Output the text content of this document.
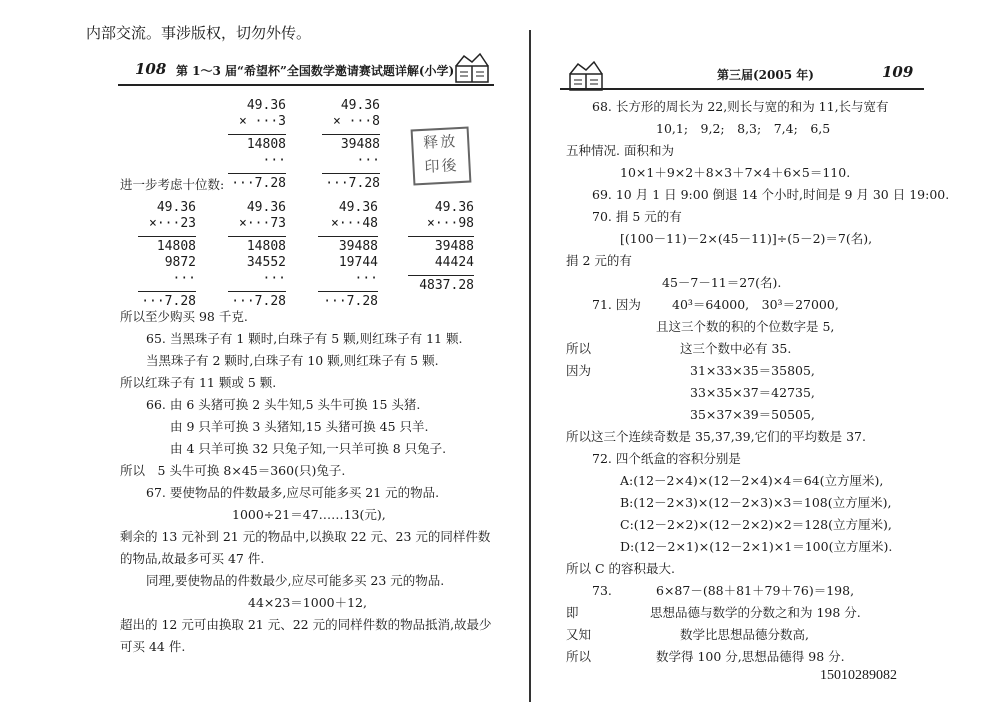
内部交流。事涉版权，切勿外传。
108 第 1～3 届“希望杯”全国数学邀请赛试题详解(小学)
49.36
× ···3
14808
···
···7.28
49.36
× ···8
39488
···
···7.28
释放
印後
进一步考虑十位数:
49.36
×···23
14808
9872
···
···7.28
49.36
×···73
14808
34552
···
···7.28
49.36
×···48
39488
19744
···
···7.28
49.36
×···98
39488
44424
4837.28
所以至少购买 98 千克.
65. 当黑珠子有 1 颗时,白珠子有 5 颗,则红珠子有 11 颗.
当黑珠子有 2 颗时,白珠子有 10 颗,则红珠子有 5 颗.
所以红珠子有 11 颗或 5 颗.
66. 由 6 头猪可换 2 头牛知,5 头牛可换 15 头猪.
由 9 只羊可换 3 头猪知,15 头猪可换 45 只羊.
由 4 只羊可换 32 只兔子知,一只羊可换 8 只兔子.
所以　5 头牛可换 8×45＝360(只)兔子.
67. 要使物品的件数最多,应尽可能多买 21 元的物品.
1000÷21＝47……13(元),
剩余的 13 元补到 21 元的物品中,以换取 22 元、23 元的同样件数
的物品,故最多可买 47 件.
同理,要使物品的件数最少,应尽可能多买 23 元的物品.
44×23＝1000＋12,
超出的 12 元可由换取 21 元、22 元的同样件数的物品抵消,故最少
可买 44 件.
第三届(2005 年)	109
68. 长方形的周长为 22,则长与宽的和为 11,长与宽有
10,1;　9,2;　8,3;　7,4;　6,5
五种情况. 面积和为
10×1＋9×2＋8×3＋7×4＋6×5＝110.
69. 10 月 1 日 9:00 倒退 14 个小时,时间是 9 月 30 日 19:00.
70. 捐 5 元的有
[(100－11)－2×(45－11)]÷(5－2)＝7(名),
捐 2 元的有
45－7－11＝27(名).
71. 因为 40³＝64000,　30³＝27000,
且这三个数的积的个位数字是 5,
所以	这三个数中必有 35.
因为	31×33×35＝35805,
33×35×37＝42735,
35×37×39＝50505,
所以这三个连续奇数是 35,37,39,它们的平均数是 37.
72. 四个纸盒的容积分别是
A:(12－2×4)×(12－2×4)×4＝64(立方厘米),
B:(12－2×3)×(12－2×3)×3＝108(立方厘米),
C:(12－2×2)×(12－2×2)×2＝128(立方厘米),
D:(12－2×1)×(12－2×1)×1＝100(立方厘米).
所以 C 的容积最大.
73.	6×87－(88＋81＋79＋76)＝198,
即	思想品德与数学的分数之和为 198 分.
又知	数学比思想品德分数高,
所以	数学得 100 分,思想品德得 98 分.
15010289082
